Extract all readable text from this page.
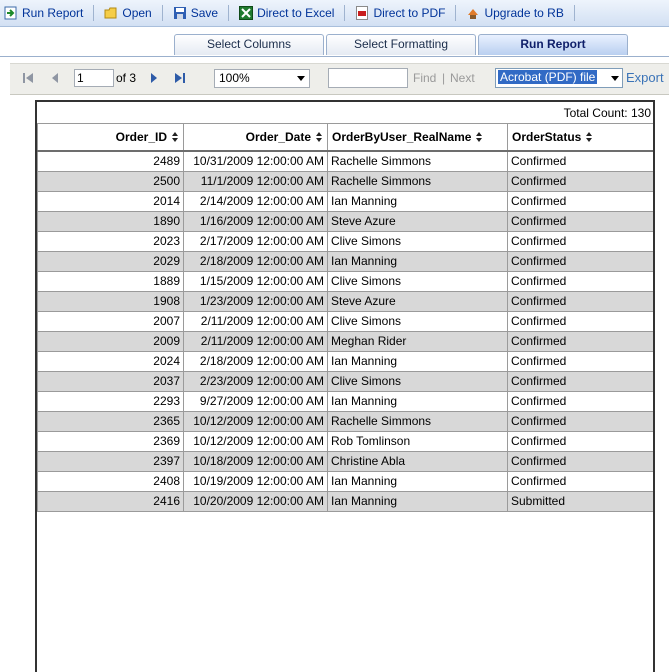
Run Report	Open	Save	Direct to Excel	Direct to PDF	Upgrade to RB
Select Columns	Select Formatting	Run Report
1
of 3	100%	Find | Next Acrobat (PDF) file Export
Total Count: 130
Order_ID	Order_Date	OrderByUser_RealName	OrderStatus
2489	10/31/2009 12:00:00 AM	Rachelle Simmons	Confirmed
2500	11/1/2009 12:00:00 AM	Rachelle Simmons	Confirmed
2014	2/14/2009 12:00:00 AM	Ian Manning	Confirmed
1890	1/16/2009 12:00:00 AM	Steve Azure	Confirmed
2023	2/17/2009 12:00:00 AM	Clive Simons	Confirmed
2029	2/18/2009 12:00:00 AM	Ian Manning	Confirmed
1889	1/15/2009 12:00:00 AM	Clive Simons	Confirmed
1908	1/23/2009 12:00:00 AM	Steve Azure	Confirmed
2007	2/11/2009 12:00:00 AM	Clive Simons	Confirmed
2009	2/11/2009 12:00:00 AM	Meghan Rider	Confirmed
2024	2/18/2009 12:00:00 AM	Ian Manning	Confirmed
2037	2/23/2009 12:00:00 AM	Clive Simons	Confirmed
2293	9/27/2009 12:00:00 AM	Ian Manning	Confirmed
2365	10/12/2009 12:00:00 AM	Rachelle Simmons	Confirmed
2369	10/12/2009 12:00:00 AM	Rob Tomlinson	Confirmed
2397	10/18/2009 12:00:00 AM	Christine Abla	Confirmed
2408	10/19/2009 12:00:00 AM	Ian Manning	Confirmed
2416	10/20/2009 12:00:00 AM	Ian Manning	Submitted
